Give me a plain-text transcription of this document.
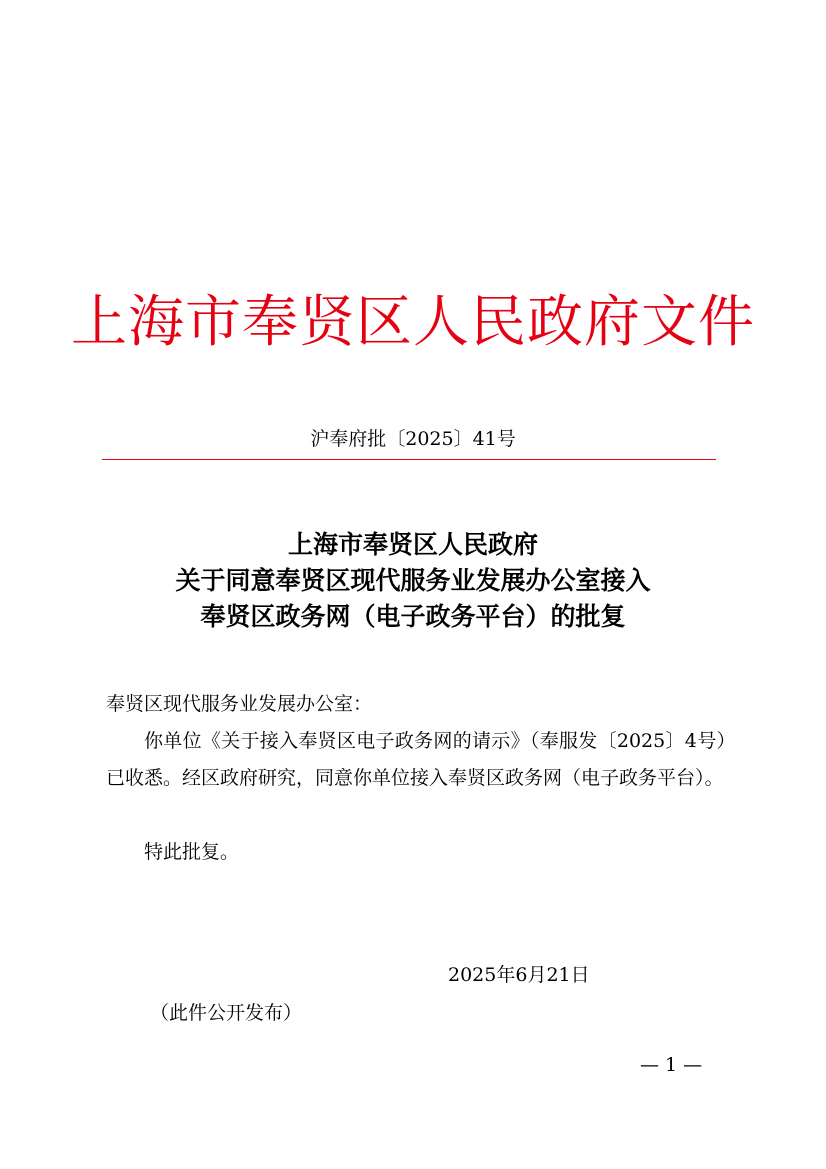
上海市奉贤区人民政府文件
沪奉府批〔2025〕41号
上海市奉贤区人民政府
关于同意奉贤区现代服务业发展办公室接入
奉贤区政务网（电子政务平台）的批复
奉贤区现代服务业发展办公室：
你单位《关于接入奉贤区电子政务网的请示》（奉服发〔2025〕4号）已收悉。经区政府研究，同意你单位接入奉贤区政务网（电子政务平台）。
特此批复。
2025年6月21日
（此件公开发布）
— 1 —
